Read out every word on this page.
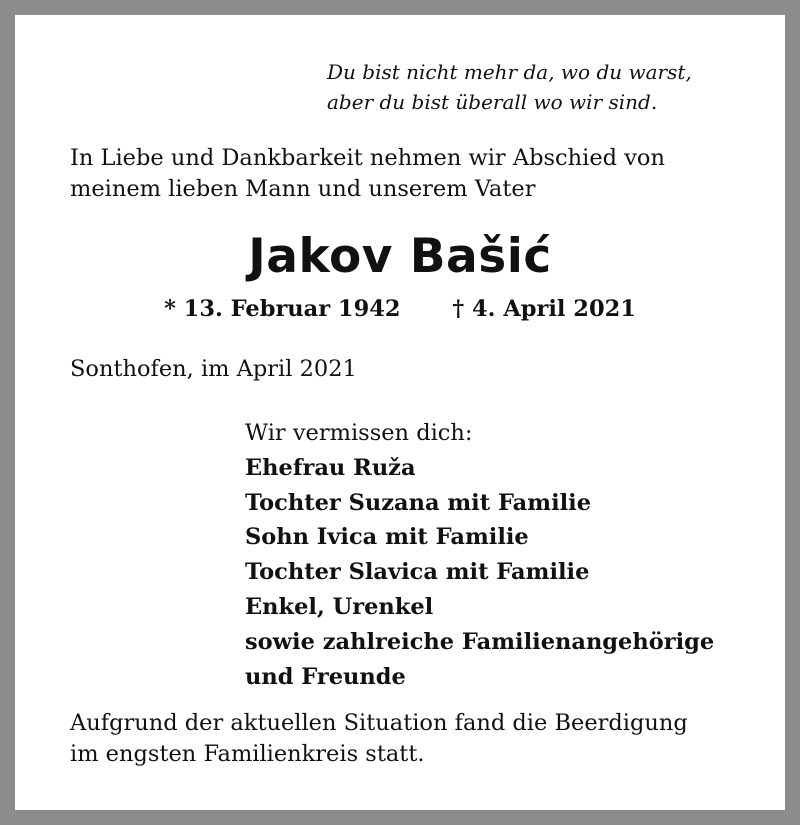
Du bist nicht mehr da, wo du warst,
aber du bist überall wo wir sind.
In Liebe und Dankbarkeit nehmen wir Abschied von
meinem lieben Mann und unserem Vater
Jakov Bašić
* 13. Februar 1942 † 4. April 2021
Sonthofen, im April 2021
Wir vermissen dich:
Ehefrau Ruža
Tochter Suzana mit Familie
Sohn Ivica mit Familie
Tochter Slavica mit Familie
Enkel, Urenkel
sowie zahlreiche Familienangehörige
und Freunde
Aufgrund der aktuellen Situation fand die Beerdigung
im engsten Familienkreis statt.
